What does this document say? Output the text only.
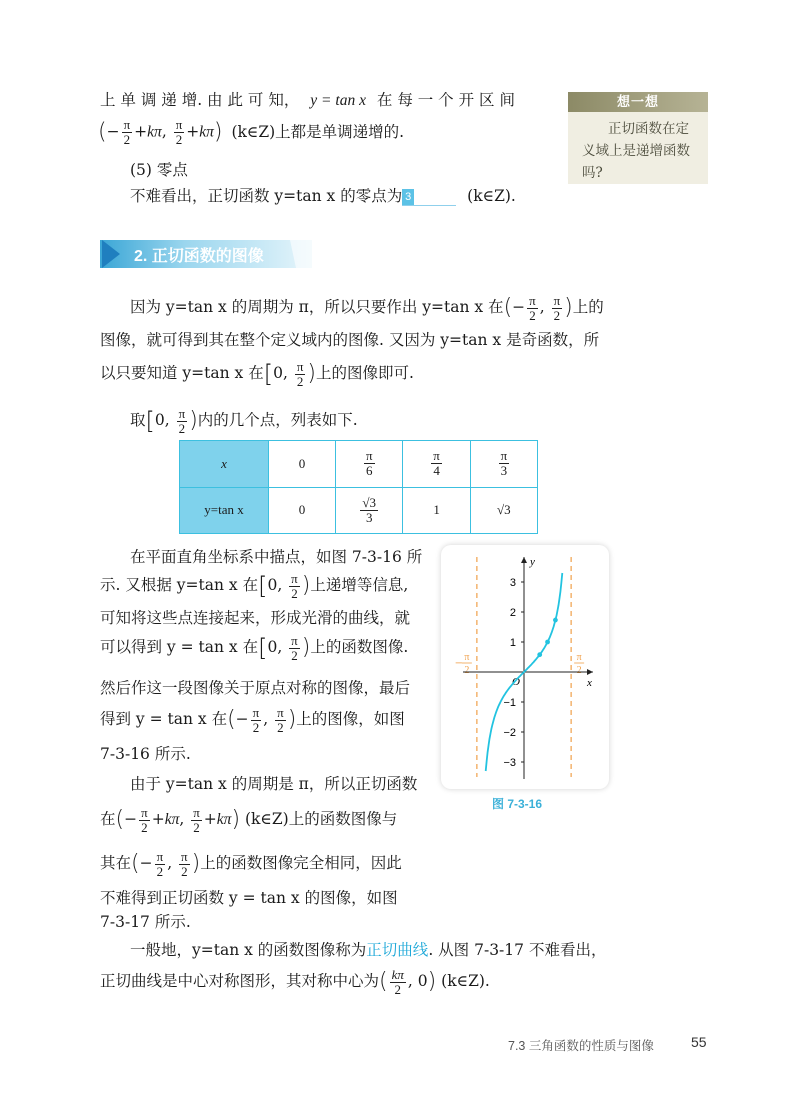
上 单 调 递 增. 由 此 可 知， y = tan x 在 每 一 个 开 区 间
(− $\frac{\pi}{2} +k\pi$, $\frac{\pi}{2} +k\pi$) (k∈Z)上都是单调递增的.
(5) 零点
不难看出，正切函数 y=tan x 的零点为 3	(k∈Z).
想一想
正切函数在定义域上是递增函数吗?
2. 正切函数的图像
因为 y=tan x 的周期为 π，所以只要作出 y=tan x 在(− $\frac{\pi}{2}$ , $\frac{\pi}{2}$ )上的
图像，就可得到其在整个定义域内的图像. 又因为 y=tan x 是奇函数，所
以只要知道 y=tan x 在[0, $\frac{\pi}{2}$ )上的图像即可.
取[0, $\frac{\pi}{2}$ )内的几个点，列表如下.
x	0	$\frac{\pi}{6}$	$\frac{\pi}{4}$	$\frac{\pi}{3}$

y=tan x	0	$\frac{√3}{3}$	1	√3
在平面直角坐标系中描点，如图 7-3-16 所
示. 又根据 y=tan x 在[0, $\frac{\pi}{2}$ )上递增等信息,
可知将这些点连接起来，形成光滑的曲线，就
可以得到 y = tan x 在[0, $\frac{\pi}{2}$ )上的函数图像.
然后作这一段图像关于原点对称的图像，最后
得到 y = tan x 在(− $\frac{\pi}{2}$ , $\frac{\pi}{2}$ )上的图像，如图
7-3-16 所示.
由于 y=tan x 的周期是 π，所以正切函数
在(− $\frac{\pi}{2} +k\pi$, $\frac{\pi}{2} +k\pi$) (k∈Z)上的函数图像与
其在(− $\frac{\pi}{2}$ , $\frac{\pi}{2}$ )上的函数图像完全相同，因此
不难得到正切函数 y = tan x 的图像，如图
7-3-17 所示.
一般地，y=tan x 的函数图像称为正切曲线. 从图 7-3-17 不难看出，
正切曲线是中心对称图形，其对称中心为( $\frac{k\pi}{2}$ , 0) (k∈Z).
π
2
−
π
2
x
y
O
3
2
1
−1
−2
−3
图 7-3-16
7.3 三角函数的性质与图像	55
